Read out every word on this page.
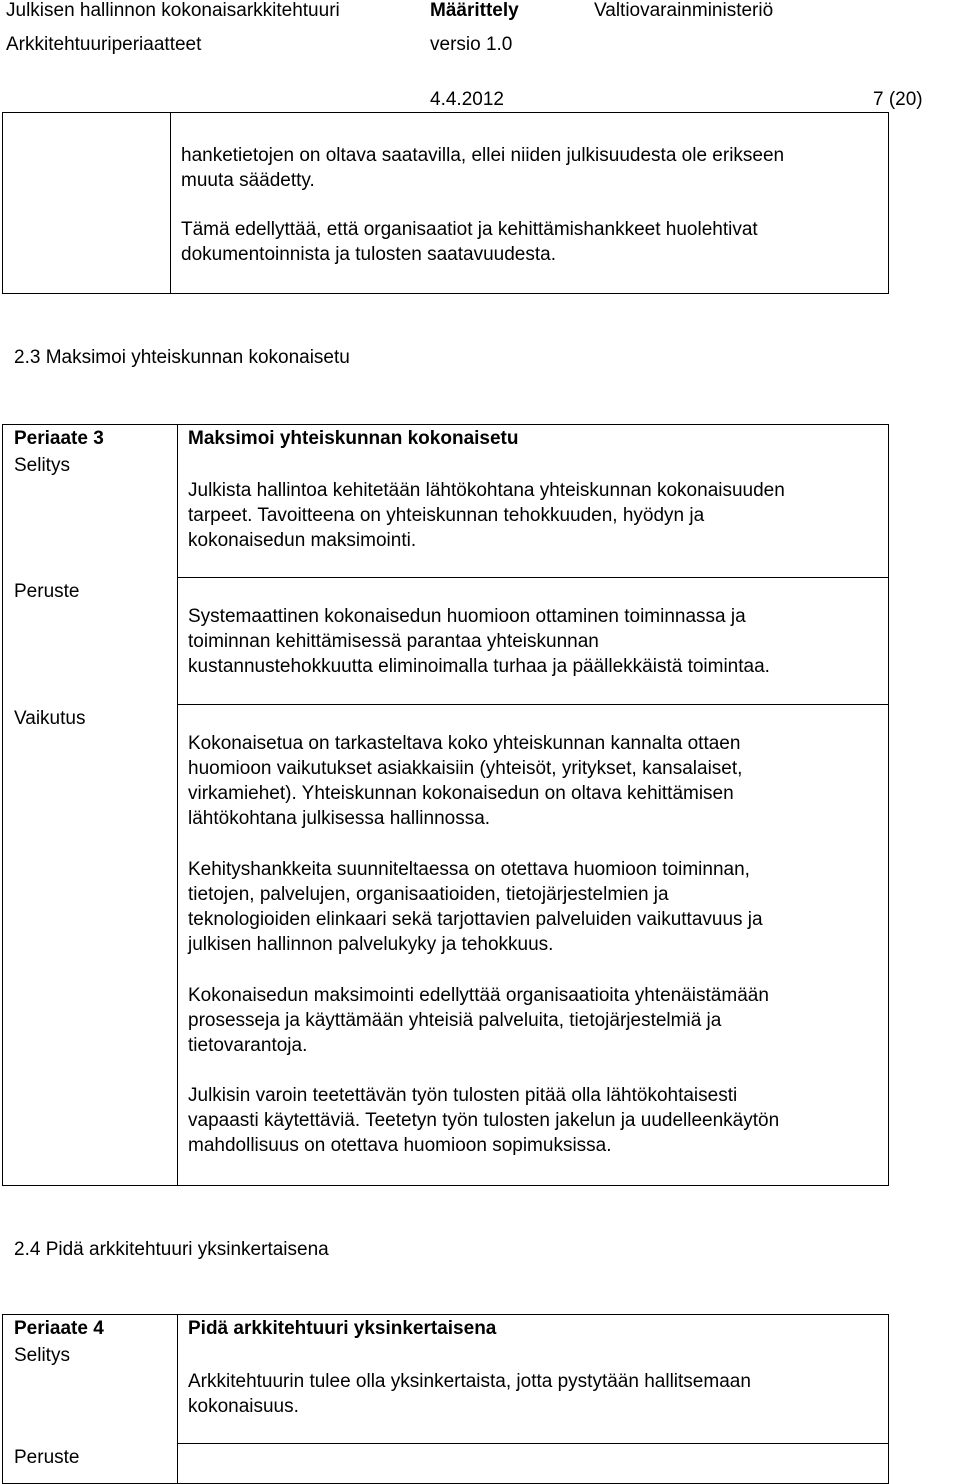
Julkisen hallinnon kokonaisarkkitehtuuri
Arkkitehtuuriperiaatteet
Määrittely
versio 1.0
Valtiovarainministeriö
4.4.2012	7 (20)
hanketietojen on oltava saatavilla, ellei niiden julkisuudesta ole erikseen
muuta säädetty.
Tämä edellyttää, että organisaatiot ja kehittämishankkeet huolehtivat
dokumentoinnista ja tulosten saatavuudesta.
2.3 Maksimoi yhteiskunnan kokonaisetu
Periaate 3
Selitys
Peruste
Vaikutus
Maksimoi yhteiskunnan kokonaisetu
Julkista hallintoa kehitetään lähtökohtana yhteiskunnan kokonaisuuden
tarpeet. Tavoitteena on yhteiskunnan tehokkuuden, hyödyn ja
kokonaisedun maksimointi.
Systemaattinen kokonaisedun huomioon ottaminen toiminnassa ja
toiminnan kehittämisessä parantaa yhteiskunnan
kustannustehokkuutta eliminoimalla turhaa ja päällekkäistä toimintaa.
Kokonaisetua on tarkasteltava koko yhteiskunnan kannalta ottaen
huomioon vaikutukset asiakkaisiin (yhteisöt, yritykset, kansalaiset,
virkamiehet). Yhteiskunnan kokonaisedun on oltava kehittämisen
lähtökohtana julkisessa hallinnossa.
Kehityshankkeita suunniteltaessa on otettava huomioon toiminnan,
tietojen, palvelujen, organisaatioiden, tietojärjestelmien ja
teknologioiden elinkaari sekä tarjottavien palveluiden vaikuttavuus ja
julkisen hallinnon palvelukyky ja tehokkuus.
Kokonaisedun maksimointi edellyttää organisaatioita yhtenäistämään
prosesseja ja käyttämään yhteisiä palveluita, tietojärjestelmiä ja
tietovarantoja.
Julkisin varoin teetettävän työn tulosten pitää olla lähtökohtaisesti
vapaasti käytettäviä. Teetetyn työn tulosten jakelun ja uudelleenkäytön
mahdollisuus on otettava huomioon sopimuksissa.
2.4 Pidä arkkitehtuuri yksinkertaisena
Periaate 4
Selitys
Peruste
Pidä arkkitehtuuri yksinkertaisena
Arkkitehtuurin tulee olla yksinkertaista, jotta pystytään hallitsemaan
kokonaisuus.
